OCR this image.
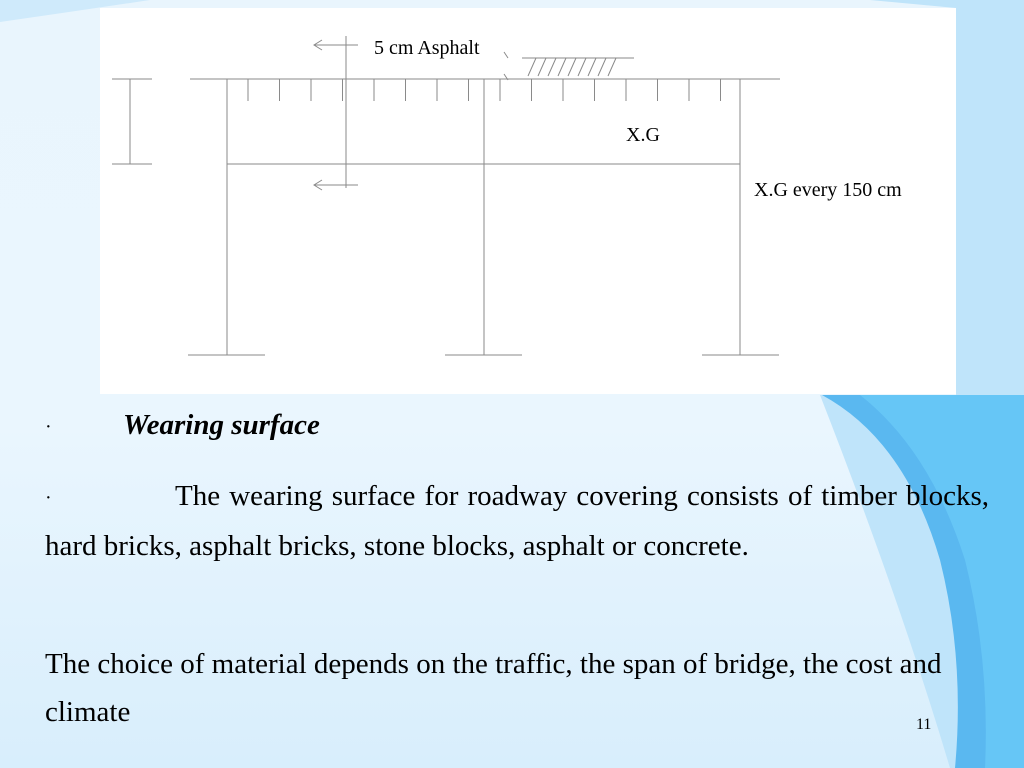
5 cm Asphalt
X.G
X.G every 150 cm
· Wearing surface
·	The wearing surface for roadway covering consists of timber blocks, hard bricks, asphalt bricks, stone blocks, asphalt or concrete.
The choice of material depends on the traffic, the span of bridge, the cost and climate	11
